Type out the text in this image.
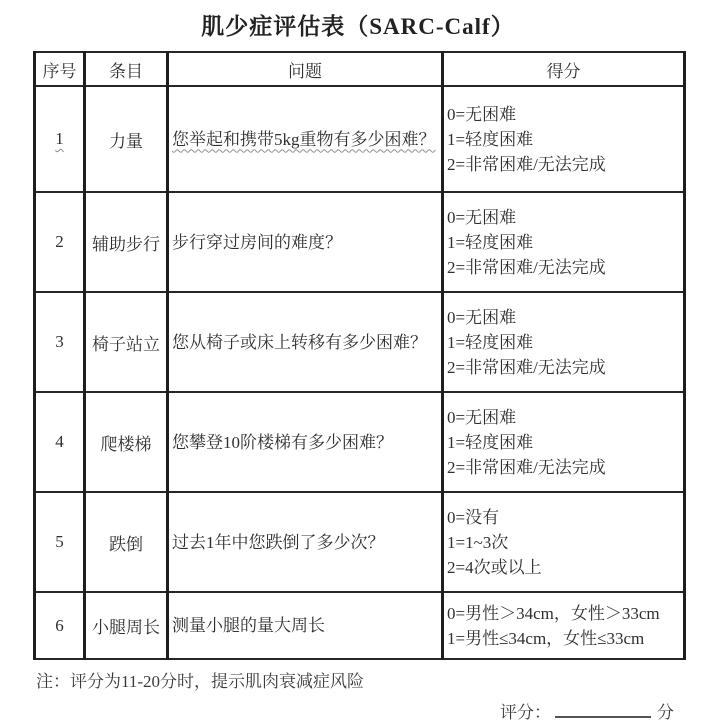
肌少症评估表（SARC-Calf）
序号	条目	问题	得分
1	力量	您举起和携带5kg重物有多少困难？	0=无困难
1=轻度困难
2=非常困难/无法完成

2	辅助步行	步行穿过房间的难度？	0=无困难
1=轻度困难
2=非常困难/无法完成

3	椅子站立	您从椅子或床上转移有多少困难？	0=无困难
1=轻度困难
2=非常困难/无法完成

4	爬楼梯	您攀登10阶楼梯有多少困难？	0=无困难
1=轻度困难
2=非常困难/无法完成

5	跌倒	过去1年中您跌倒了多少次？	0=没有
1=1~3次
2=4次或以上

6	小腿周长	测量小腿的量大周长	0=男性＞34cm，女性＞33cm
1=男性≤34cm，女性≤33cm
注：评分为11-20分时，提示肌肉衰减症风险
评分：	分
